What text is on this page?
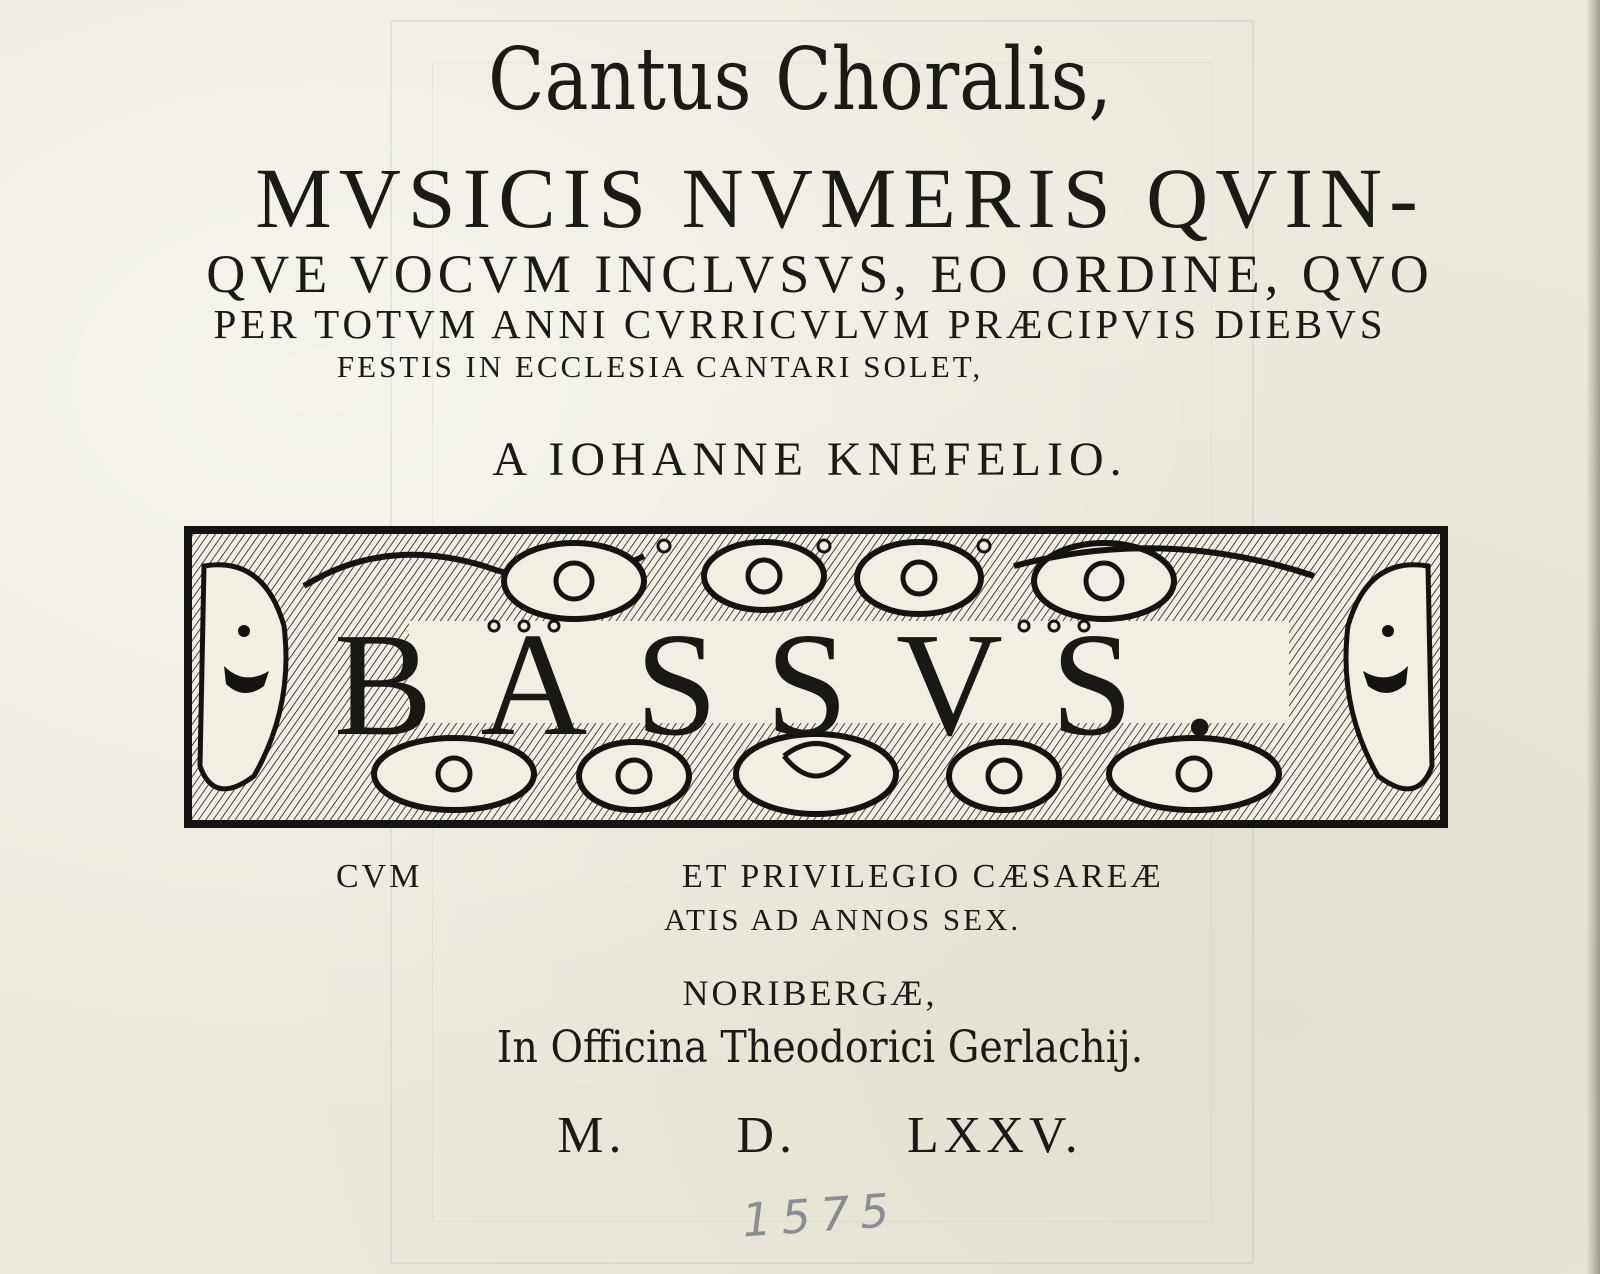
Cantus Choralis,
MVSICIS NVMERIS QVIN-
QVE VOCVM INCLVSVS, EO ORDINE, QVO
PER TOTVM ANNI CVRRICVLVM PRÆCIPVIS DIEBVS
FESTIS IN ECCLESIA CANTARI SOLET,
A IOHANNE KNEFELIO.
BASSVS.
CVM	ET PRIVILEGIO CÆSAREÆ
ATIS AD ANNOS SEX.
NORIBERGÆ,
In Officina Theodorici Gerlachij.
M. D. LXXV.
1575
